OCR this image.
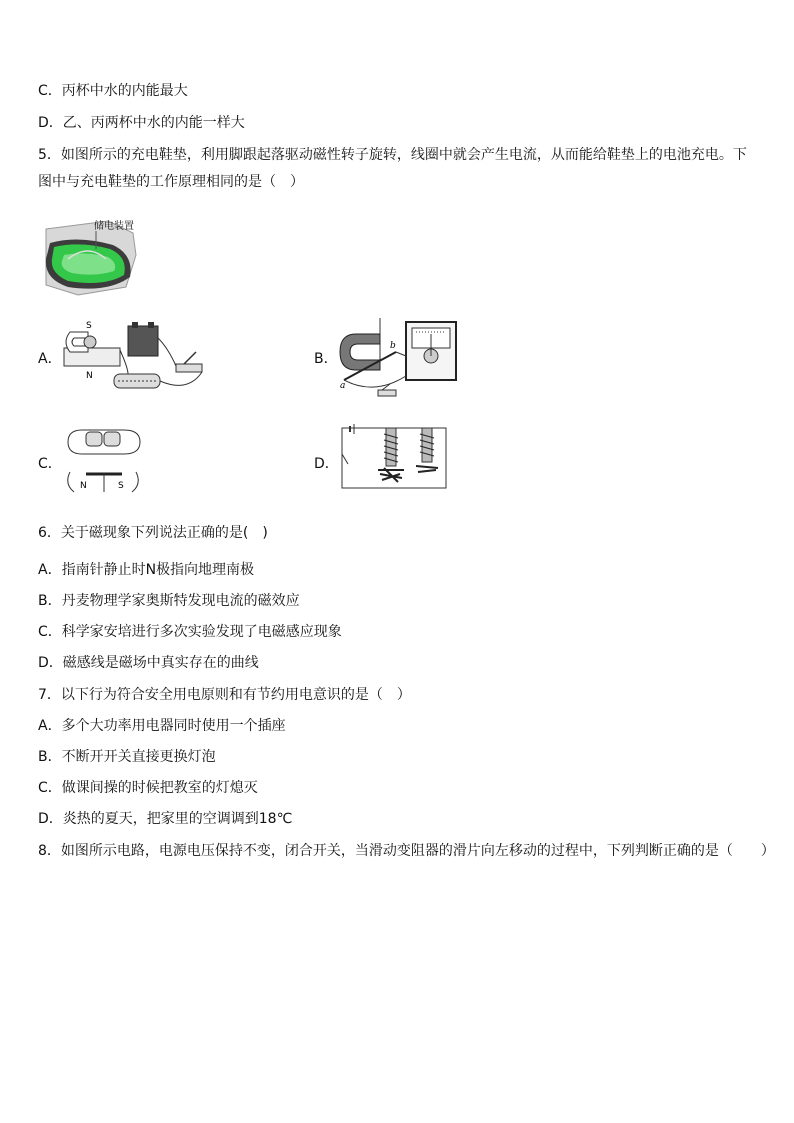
C．丙杯中水的内能最大
D．乙、丙两杯中水的内能一样大
5．如图所示的充电鞋垫，利用脚跟起落驱动磁性转子旋转，线圈中就会产生电流，从而能给鞋垫上的电池充电。下图中与充电鞋垫的工作原理相同的是（　）
储电装置
A．
S
N
B．
a
b
C．
N	S
D．
6．关于磁现象下列说法正确的是(　)
A．指南针静止时N极指向地理南极
B．丹麦物理学家奥斯特发现电流的磁效应
C．科学家安培进行多次实验发现了电磁感应现象
D．磁感线是磁场中真实存在的曲线
7．以下行为符合安全用电原则和有节约用电意识的是（　）
A．多个大功率用电器同时使用一个插座
B．不断开开关直接更换灯泡
C．做课间操的时候把教室的灯熄灭
D．炎热的夏天，把家里的空调调到18℃
8．如图所示电路，电源电压保持不变，闭合开关，当滑动变阻器的滑片向左移动的过程中，下列判断正确的是（　　）
